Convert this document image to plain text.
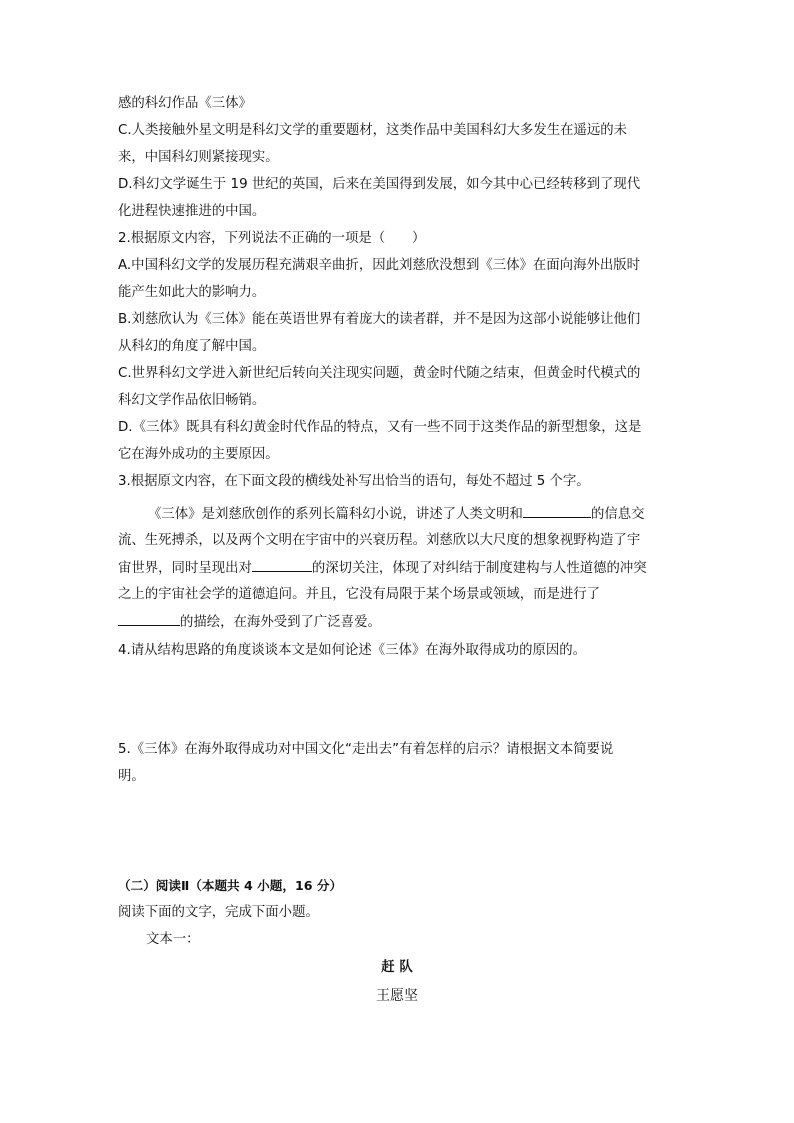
感的科幻作品《三体》
C.人类接触外星文明是科幻文学的重要题材，这类作品中美国科幻大多发生在遥远的未
来，中国科幻则紧接现实。
D.科幻文学诞生于 19 世纪的英国，后来在美国得到发展，如今其中心已经转移到了现代
化进程快速推进的中国。
2.根据原文内容，下列说法不正确的一项是（　　）
A.中国科幻文学的发展历程充满艰辛曲折，因此刘慈欣没想到《三体》在面向海外出版时
能产生如此大的影响力。
B.刘慈欣认为《三体》能在英语世界有着庞大的读者群，并不是因为这部小说能够让他们
从科幻的角度了解中国。
C.世界科幻文学进入新世纪后转向关注现实问题，黄金时代随之结束，但黄金时代模式的
科幻文学作品依旧畅销。
D.《三体》既具有科幻黄金时代作品的特点，又有一些不同于这类作品的新型想象，这是
它在海外成功的主要原因。
3.根据原文内容，在下面文段的横线处补写出恰当的语句，每处不超过 5 个字。
《三体》是刘慈欣创作的系列长篇科幻小说，讲述了人类文明和	的信息交
流、生死搏杀，以及两个文明在宇宙中的兴衰历程。刘慈欣以大尺度的想象视野构造了宇
宙世界，同时呈现出对	的深切关注，体现了对纠结于制度建构与人性道德的冲突
之上的宇宙社会学的道德追问。并且，它没有局限于某个场景或领域，而是进行了
的描绘，在海外受到了广泛喜爱。
4.请从结构思路的角度谈谈本文是如何论述《三体》在海外取得成功的原因的。
5.《三体》在海外取得成功对中国文化“走出去”有着怎样的启示？请根据文本简要说
明。
（二）阅读Ⅱ（本题共 4 小题，16 分）
阅读下面的文字，完成下面小题。
文本一：
赶 队
王愿坚
